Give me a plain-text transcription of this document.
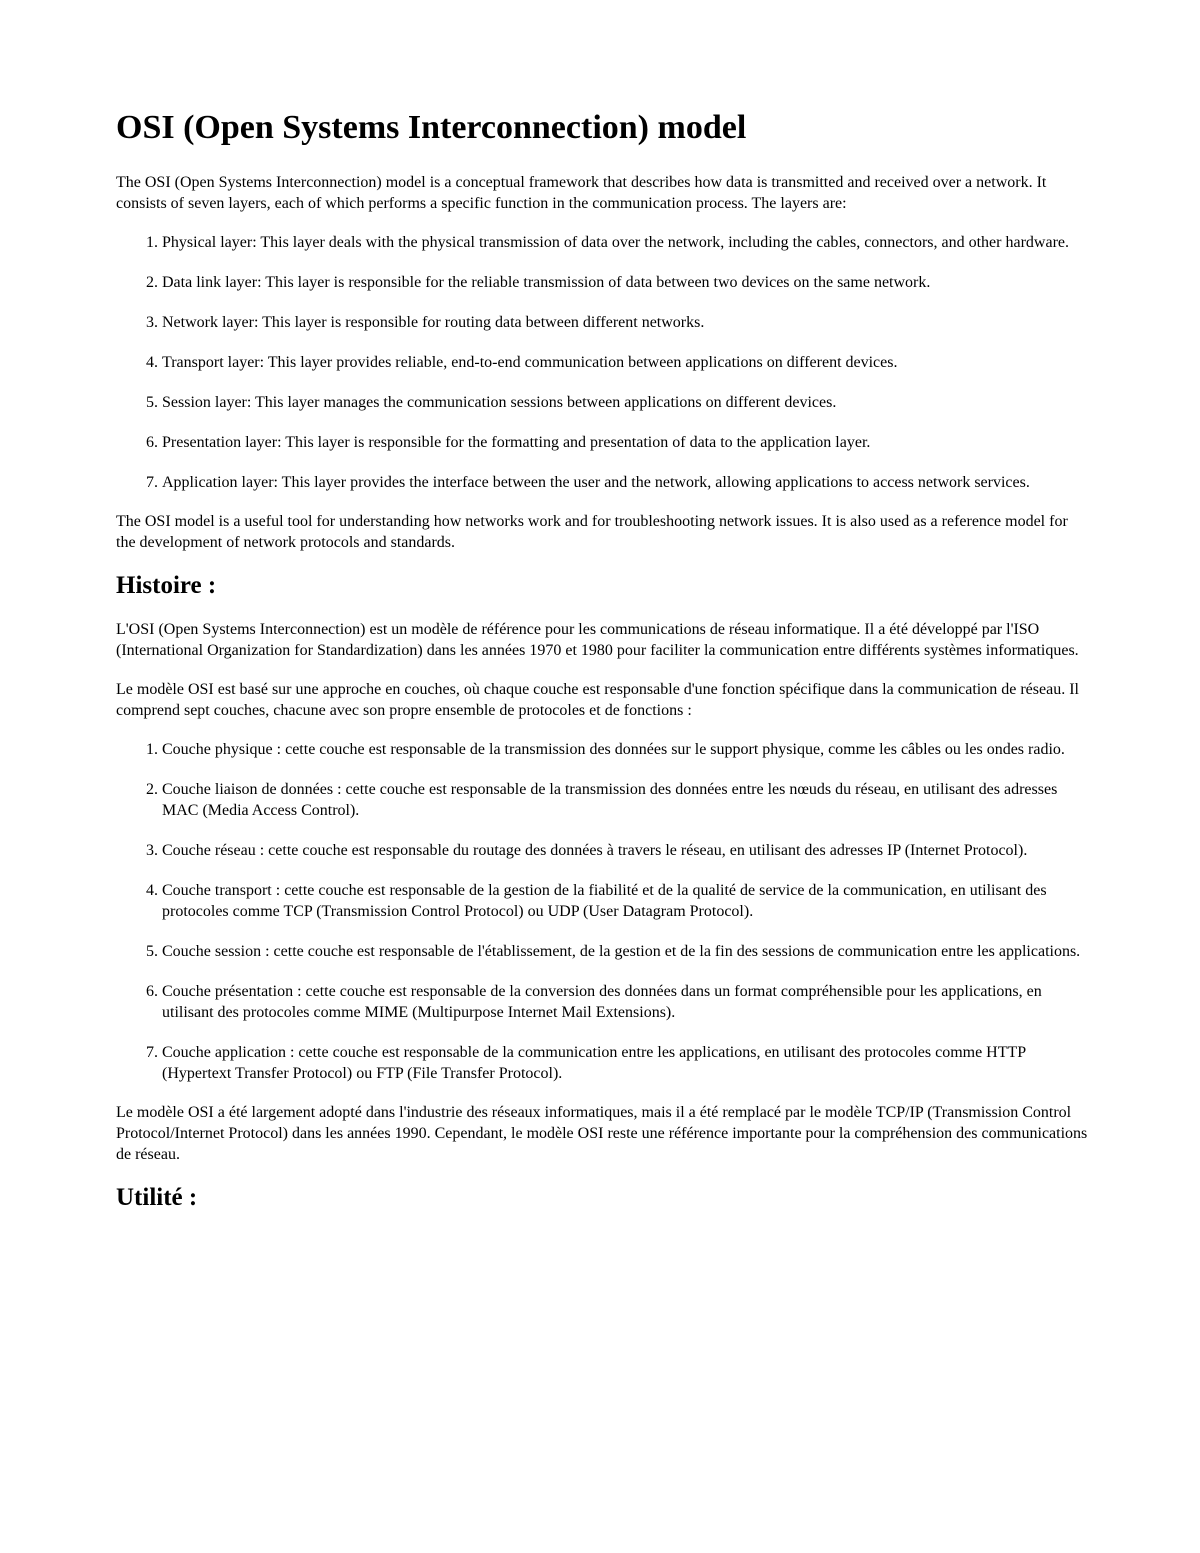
OSI (Open Systems Interconnection) model

The OSI (Open Systems Interconnection) model is a conceptual framework that describes how data is transmitted and received over a network. It consists of seven layers, each of which performs a specific function in the communication process. The layers are:

1. Physical layer: This layer deals with the physical transmission of data over the network, including the cables, connectors, and other hardware.
2. Data link layer: This layer is responsible for the reliable transmission of data between two devices on the same network.
3. Network layer: This layer is responsible for routing data between different networks.
4. Transport layer: This layer provides reliable, end-to-end communication between applications on different devices.
5. Session layer: This layer manages the communication sessions between applications on different devices.
6. Presentation layer: This layer is responsible for the formatting and presentation of data to the application layer.
7. Application layer: This layer provides the interface between the user and the network, allowing applications to access network services.

The OSI model is a useful tool for understanding how networks work and for troubleshooting network issues. It is also used as a reference model for the development of network protocols and standards.

Histoire :

L'OSI (Open Systems Interconnection) est un modèle de référence pour les communications de réseau informatique. Il a été développé par l'ISO (International Organization for Standardization) dans les années 1970 et 1980 pour faciliter la communication entre différents systèmes informatiques.

Le modèle OSI est basé sur une approche en couches, où chaque couche est responsable d'une fonction spécifique dans la communication de réseau. Il comprend sept couches, chacune avec son propre ensemble de protocoles et de fonctions :

1. Couche physique : cette couche est responsable de la transmission des données sur le support physique, comme les câbles ou les ondes radio.
2. Couche liaison de données : cette couche est responsable de la transmission des données entre les nœuds du réseau, en utilisant des adresses MAC (Media Access Control).
3. Couche réseau : cette couche est responsable du routage des données à travers le réseau, en utilisant des adresses IP (Internet Protocol).
4. Couche transport : cette couche est responsable de la gestion de la fiabilité et de la qualité de service de la communication, en utilisant des protocoles comme TCP (Transmission Control Protocol) ou UDP (User Datagram Protocol).
5. Couche session : cette couche est responsable de l'établissement, de la gestion et de la fin des sessions de communication entre les applications.
6. Couche présentation : cette couche est responsable de la conversion des données dans un format compréhensible pour les applications, en utilisant des protocoles comme MIME (Multipurpose Internet Mail Extensions).
7. Couche application : cette couche est responsable de la communication entre les applications, en utilisant des protocoles comme HTTP (Hypertext Transfer Protocol) ou FTP (File Transfer Protocol).

Le modèle OSI a été largement adopté dans l'industrie des réseaux informatiques, mais il a été remplacé par le modèle TCP/IP (Transmission Control Protocol/Internet Protocol) dans les années 1990. Cependant, le modèle OSI reste une référence importante pour la compréhension des communications de réseau.

Utilité :
